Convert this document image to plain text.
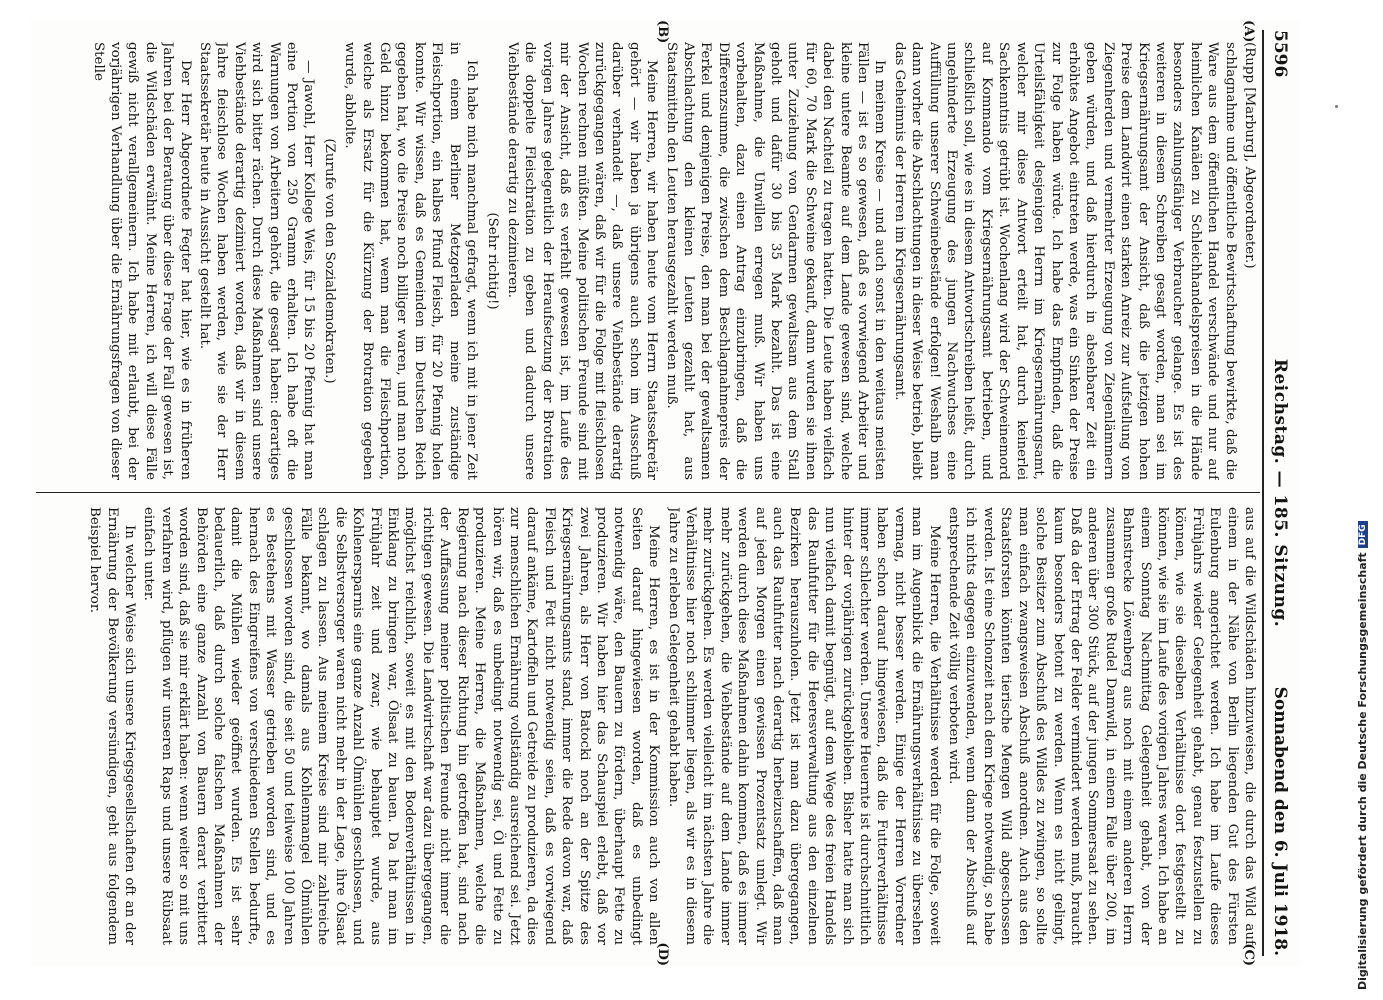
5596
Reichstag. — 185. Sitzung.
Sonnabend den 6. Juli 1918.
(A)
(B)
(C)
(D)

(Rupp [Marburg], Abgeordneter.)

schlagnahme und öffentliche Bewirtschaftung bewirkte, daß die Ware aus dem öffentlichen Handel verschwände und nur auf heimlichen Kanälen zu Schleichhandelspreisen in die Hände besonders zahlungsfähiger Verbraucher gelange. Es ist des weiteren in diesem Schreiben gesagt worden, man sei im Kriegsernährungsamt der Ansicht, daß die jetzigen hohen Preise dem Landwirt einen starken Anreiz zur Aufstellung von Ziegenherden und vermehrter Erzeugung von Ziegenlämmern geben würden, und daß hierdurch in absehbarer Zeit ein erhöhtes Angebot eintreten werde, was ein Sinken der Preise zur Folge haben würde. Ich habe das Empfinden, daß die Urteilsfähigkeit desjenigen Herrn im Kriegsernährungsamt, welcher mir diese Antwort erteilt hat, durch keinerlei Sachkenntnis getrübt ist. Wochenlang wird der Schweinemord auf Kommando vom Kriegsernährungsamt betrieben, und schließlich soll, wie es in diesem Antwortschreiben heißt, durch ungehinderte Erzeugung des jungen Nachwuchses eine Auffüllung unserer Schweinebestände erfolgen! Weshalb man dann vorher die Abschlachtungen in dieser Weise betrieb, bleibt das Geheimnis der Herren im Kriegsernährungsamt.

In meinem Kreise — und auch sonst in den weitaus meisten Fällen — ist es so gewesen, daß es vorwiegend Arbeiter und kleine untere Beamte auf dem Lande gewesen sind, welche dabei den Nachteil zu tragen hatten. Die Leute haben vielfach für 60, 70 Mark die Schweine gekauft, dann wurden sie ihnen unter Zuziehung von Gendarmen gewaltsam aus dem Stall geholt und dafür 30 bis 35 Mark bezahlt. Das ist eine Maßnahme, die Unwillen erregen muß. Wir haben uns vorbehalten, dazu einen Antrag einzubringen, daß die Differenzsumme, die zwischen dem Beschlagnahmepreis der Ferkel und demjenigen Preise, den man bei der gewaltsamen Abschlachtung den kleinen Leuten gezahlt hat, aus Staatsmitteln den Leuten herausgezahlt werden muß.

Meine Herren, wir haben heute vom Herrn Staatssekretär gehört — wir haben ja übrigens auch schon im Ausschuß darüber verhandelt —, daß unsere Viehbestände derartig zurückgegangen wären, daß wir für die Folge mit fleischlosen Wochen rechnen müßten. Meine politischen Freunde sind mit mir der Ansicht, daß es verfehlt gewesen ist, im Laufe des vorigen Jahres gelegentlich der Heraufsetzung der Brotration die doppelte Fleischration zu geben und dadurch unsere Viehbestände derartig zu dezimieren.

(Sehr richtig!)

Ich habe mich manchmal gefragt, wenn ich mit in jener Zeit in einem Berliner Metzgerladen meine zuständige Fleischportion, ein halbes Pfund Fleisch, für 20 Pfennig holen konnte. Wir wissen, daß es Gemeinden im Deutschen Reich gegeben hat, wo die Preise noch billiger waren, und man noch Geld hinzu bekommen hat, wenn man die Fleischportion, welche als Ersatz für die Kürzung der Brotration gegeben wurde, abholte.

(Zurufe von den Sozialdemokraten.)

— Jawohl, Herr Kollege Weis, für 15 bis 20 Pfennig hat man eine Portion von 250 Gramm erhalten. Ich habe oft die Warnungen von Arbeitern gehört, die gesagt haben: derartiges wird sich bitter rächen. Durch diese Maßnahmen sind unsere Viehbestände derartig dezimiert worden, daß wir in diesem Jahre fleischlose Wochen haben werden, wie sie der Herr Staatssekretär heute in Aussicht gestellt hat.

Der Herr Abgeordnete Fegter hat hier, wie es in früheren Jahren bei der Beratung über diese Frage der Fall gewesen ist, die Wildschäden erwähnt. Meine Herren, ich will diese Fälle gewiß nicht verallgemeinern. Ich habe mit erlaubt, bei der vorjährigen Verhandlung über die Ernährungsfragen von dieser Stelle

aus auf die Wildschäden hinzuweisen, die durch das Wild auf einem in der Nähe von Berlin liegenden Gut des Fürsten Eulenburg angerichtet werden. Ich habe im Laufe dieses Frühjahrs wieder Gelegenheit gehabt, genau festzustellen zu können, wie sie dieselben Verhältnisse dort festgestellt zu können, wie sie im Laufe des vorigen Jahres waren. Ich habe an einem Sonntag Nachmittag Gelegenheit gehabt, von der Bahnstrecke Löwenberg aus noch mit einem anderen Herrn zusammen große Rudel Damwild, in einem Falle über 200, im anderen über 300 Stück, auf der jungen Sommersaat zu sehen. Daß da der Ertrag der Felder vermindert werden muß, braucht kaum besonders betont zu werden. Wenn es nicht gelingt, solche Besitzer zum Abschuß des Wildes zu zwingen, so sollte man einfach zwangsweisen Abschuß anordnen. Auch aus den Staatsforsten könnten tierische Mengen Wild abgeschossen werden. Ist eine Schonzeit nach dem Kriege notwendig, so habe ich nichts dagegen einzuwenden, wenn dann der Abschuß auf entsprechende Zeit völlig verboten wird.

Meine Herren, die Verhältnisse werden für die Folge, soweit man im Augenblick die Ernährungsverhältnisse zu übersehen vermag, nicht besser werden. Einige der Herren Vorredner haben schon darauf hingewiesen, daß die Futterverhältnisse immer schlechter werden. Unsere Heuernte ist durchschnittlich hinter der vorjährigen zurückgeblieben. Bisher hatte man sich nun vielfach damit begnügt, auf dem Wege des freien Handels das Rauhfutter für die Heeresverwaltung aus den einzelnen Bezirken herauszuholen. Jetzt ist man dazu übergegangen, auch das Rauhfutter nach derartig herbeizuschaffen, daß man auf jeden Morgen einen gewissen Prozentsatz umlegt. Wir werden durch diese Maßnahmen dahin kommen, daß es immer mehr zurückgehen, die Viehbestände auf dem Lande immer mehr zurückgehen. Es werden vielleicht im nächsten Jahre die Verhältnisse hier noch schlimmer liegen, als wir es in diesem Jahre zu erleben Gelegenheit gehabt haben.

Meine Herren, es ist in der Kommission auch von allen Seiten darauf hingewiesen worden, daß es unbedingt notwendig wäre, den Bauern zu fördern, überhaupt Fette zu produzieren. Wir haben hier das Schauspiel erlebt, daß vor zwei Jahren, als Herr von Batocki noch an der Spitze des Kriegsernährungsamts stand, immer die Rede davon war, daß Fleisch und Fett nicht notwendig seien, daß es vorwiegend darauf ankäme, Kartoffeln und Getreide zu produzieren, da dies zur menschlichen Ernährung vollständig ausreichend sei. Jetzt hören wir, daß es unbedingt notwendig sei, Öl und Fette zu produzieren. Meine Herren, die Maßnahmen, welche die Regierung nach dieser Richtung hin getroffen hat, sind nach der Auffassung meiner politischen Freunde nicht immer die richtigen gewesen. Die Landwirtschaft war dazu übergegangen, möglichst reichlich, soweit es mit den Bodenverhältnissen in Einklang zu bringen war, Ölsaat zu bauen. Da hat man im Frühjahr zeit und zwar, wie behauptet wurde, aus Kohlenersparnis eine ganze Anzahl Ölmühlen geschlossen, und die Selbstversorger waren nicht mehr in der Lage, ihre Ölsaat schlagen zu lassen. Aus meinem Kreise sind mir zahlreiche Fälle bekannt, wo damals aus Kohlenmangel Ölmühlen geschlossen worden sind, die seit 50 und teilweise 100 Jahren es Bestehens mit Wasser getrieben worden sind, und es hernach des Eingreifens von verschiedenen Stellen bedurfte, damit die Mühlen wieder geöffnet wurden. Es ist sehr bedauerlich, daß durch solche falschen Maßnahmen der Behörden eine ganze Anzahl von Bauern derart verbittert worden sind, daß sie mir erklärt haben: wenn weiter so mit uns verfahren wird, pflügen wir unseren Raps und unsere Rübsaat einfach unter.

In welcher Weise sich unsere Kriegsgesellschaften oft an der Ernährung der Bevölkerung versündigen, geht aus folgendem Beispiel hervor.	Digitalisierung gefördert durch die Deutsche ForschungsgemeinschaftDFG
